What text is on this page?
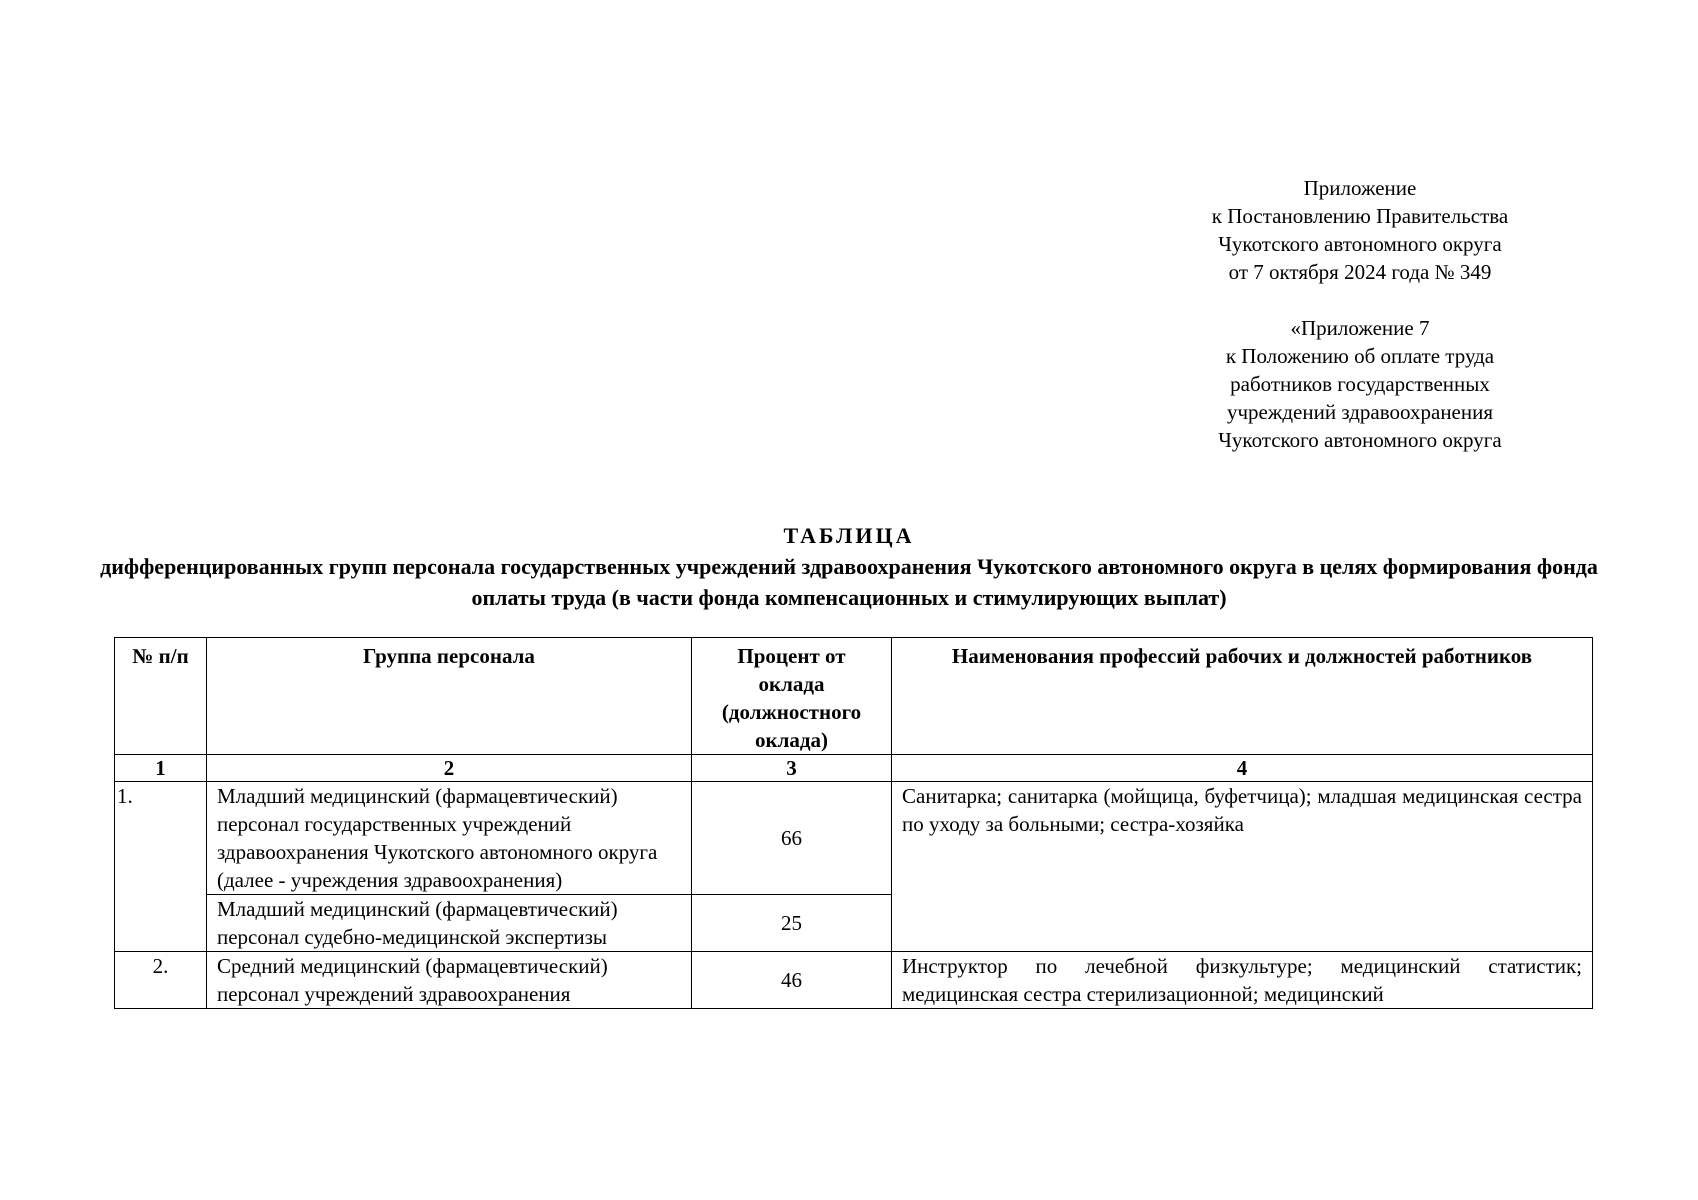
Приложение
к Постановлению Правительства
Чукотского автономного округа
от 7 октября 2024 года № 349
«Приложение 7
к Положению об оплате труда
работников государственных
учреждений здравоохранения
Чукотского автономного округа
ТАБЛИЦА
дифференцированных групп персонала государственных учреждений здравоохранения Чукотского автономного округа в целях формирования фонда оплаты труда (в части фонда компенсационных и стимулирующих выплат)
№ п/п	Группа персонала	Процент от оклада (должностного оклада)	Наименования профессий рабочих и должностей работников
1	2	3	4
1.	Младший медицинский (фармацевтический) персонал государственных учреждений здравоохранения Чукотского автономного округа (далее - учреждения здравоохранения)	66	Санитарка; санитарка (мойщица, буфетчица); младшая медицинская сестра по уходу за больными; сестра-хозяйка
	Младший медицинский (фармацевтический) персонал судебно-медицинской экспертизы	25	
2.	Средний медицинский (фармацевтический) персонал учреждений здравоохранения	46	Инструктор по лечебной физкультуре; медицинский статистик; медицинская сестра стерилизационной; медицинский
